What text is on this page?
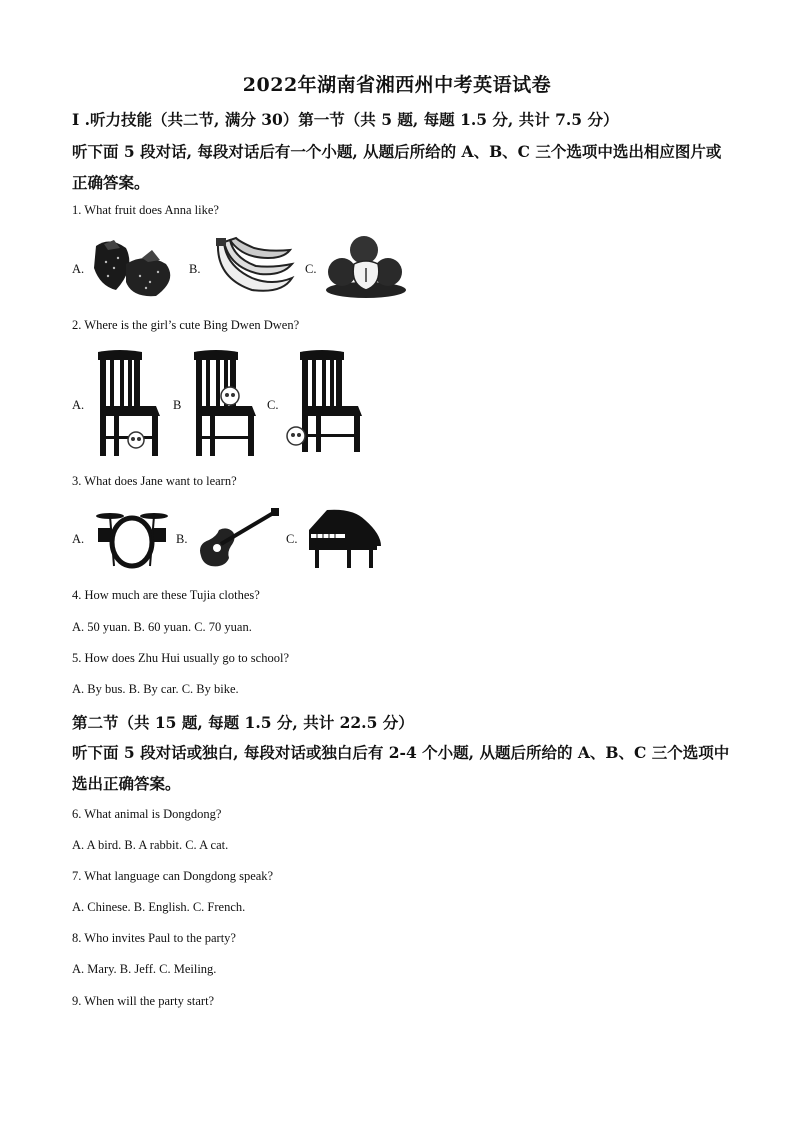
2022年湖南省湘西州中考英语试卷
I .听力技能（共二节, 满分 30）第一节（共 5 题, 每题 1.5 分, 共计 7.5 分）
听下面 5 段对话, 每段对话后有一个小题, 从题后所给的 A、B、C 三个选项中选出相应图片或正确答案。
1. What fruit does Anna like?
A.	B.	C.
2. Where is the girl’s cute Bing Dwen Dwen?
A.	B	C.
3. What does Jane want to learn?
A.	B.	C.
4. How much are these Tujia clothes?
A. 50 yuan. B. 60 yuan. C. 70 yuan.
5. How does Zhu Hui usually go to school?
A. By bus. B. By car. C. By bike.
第二节（共 15 题, 每题 1.5 分, 共计 22.5 分）
听下面 5 段对话或独白, 每段对话或独白后有 2-4 个小题, 从题后所给的 A、B、C 三个选项中选出正确答案。
6. What animal is Dongdong?
A. A bird. B. A rabbit. C. A cat.
7. What language can Dongdong speak?
A. Chinese. B. English. C. French.
8. Who invites Paul to the party?
A. Mary. B. Jeff. C. Meiling.
9. When will the party start?
